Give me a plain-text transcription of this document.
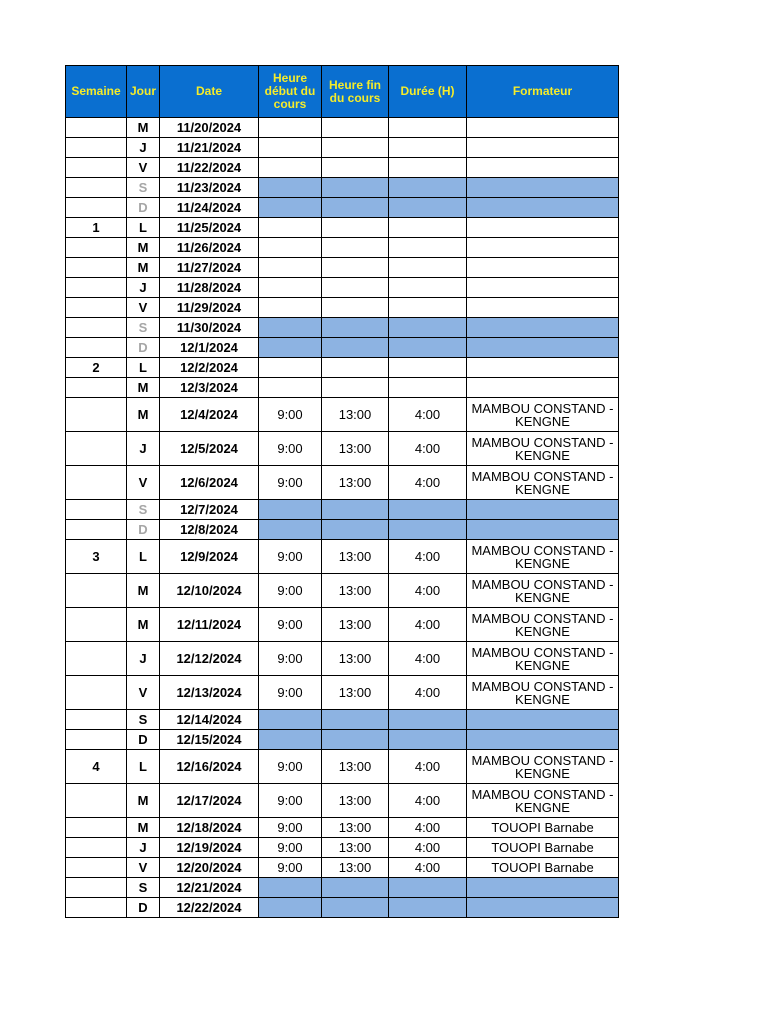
Semaine	Jour	Date	Heure début du cours	Heure fin du cours	Durée (H)	Formateur
	M	11/20/2024				
	J	11/21/2024				
	V	11/22/2024				
	S	11/23/2024				
	D	11/24/2024				
1	L	11/25/2024				
	M	11/26/2024				
	M	11/27/2024				
	J	11/28/2024				
	V	11/29/2024				
	S	11/30/2024				
	D	12/1/2024				
2	L	12/2/2024				
	M	12/3/2024				
	M	12/4/2024	9:00	13:00	4:00	MAMBOU CONSTAND - KENGNE
	J	12/5/2024	9:00	13:00	4:00	MAMBOU CONSTAND - KENGNE
	V	12/6/2024	9:00	13:00	4:00	MAMBOU CONSTAND - KENGNE
	S	12/7/2024				
	D	12/8/2024				
3	L	12/9/2024	9:00	13:00	4:00	MAMBOU CONSTAND - KENGNE
	M	12/10/2024	9:00	13:00	4:00	MAMBOU CONSTAND - KENGNE
	M	12/11/2024	9:00	13:00	4:00	MAMBOU CONSTAND - KENGNE
	J	12/12/2024	9:00	13:00	4:00	MAMBOU CONSTAND - KENGNE
	V	12/13/2024	9:00	13:00	4:00	MAMBOU CONSTAND - KENGNE
	S	12/14/2024				
	D	12/15/2024				
4	L	12/16/2024	9:00	13:00	4:00	MAMBOU CONSTAND - KENGNE
	M	12/17/2024	9:00	13:00	4:00	MAMBOU CONSTAND - KENGNE
	M	12/18/2024	9:00	13:00	4:00	TOUOPI Barnabe
	J	12/19/2024	9:00	13:00	4:00	TOUOPI Barnabe
	V	12/20/2024	9:00	13:00	4:00	TOUOPI Barnabe
	S	12/21/2024				
	D	12/22/2024				
